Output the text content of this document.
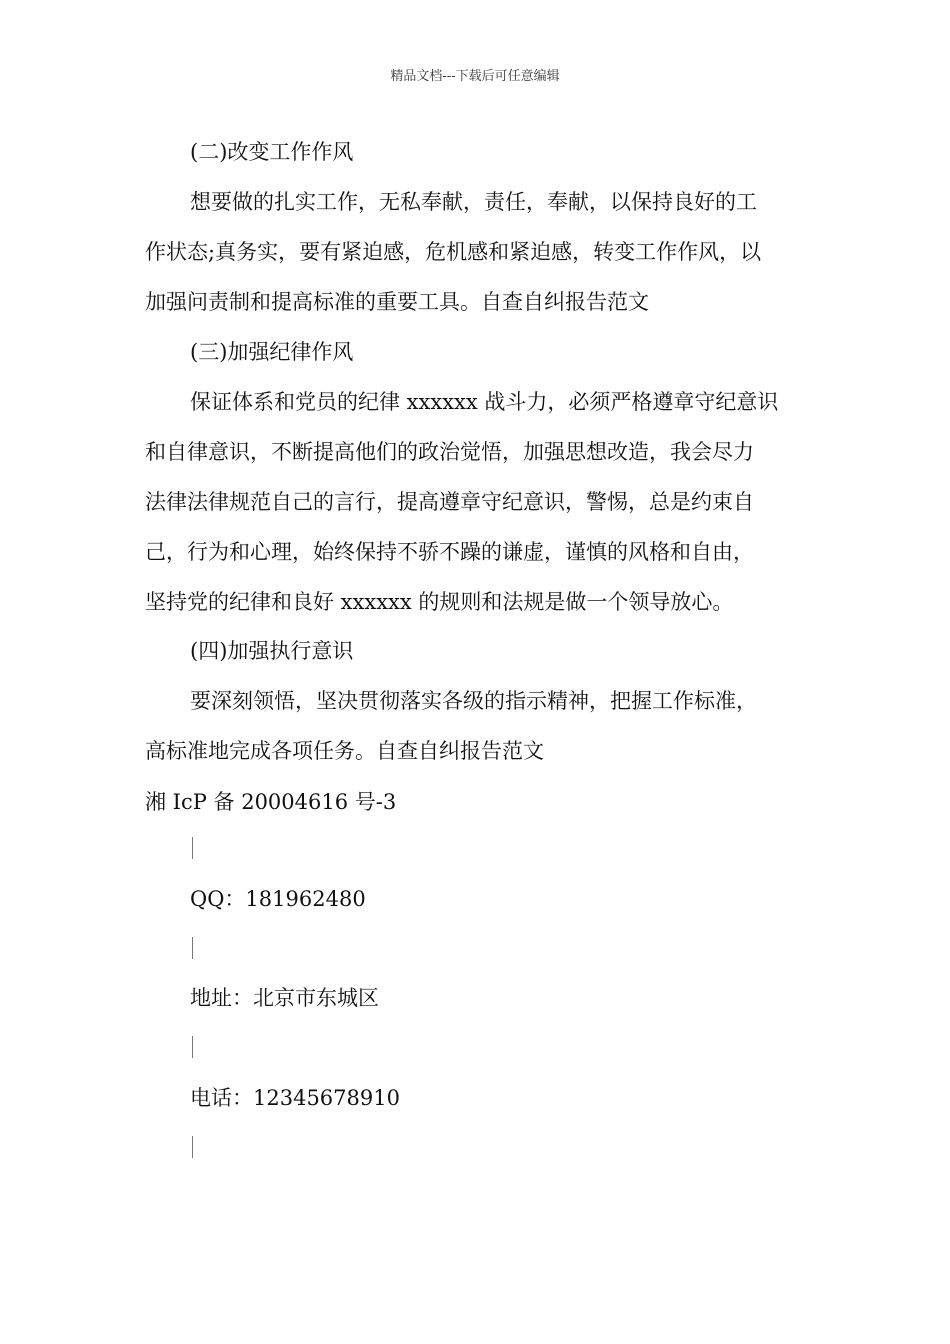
精品文档---下载后可任意编辑
(二)改变工作作风
想要做的扎实工作，无私奉献，责任，奉献，以保持良好的工
作状态;真务实，要有紧迫感，危机感和紧迫感，转变工作作风，以
加强问责制和提高标准的重要工具。自查自纠报告范文
(三)加强纪律作风
保证体系和党员的纪律 xxxxxx 战斗力，必须严格遵章守纪意识
和自律意识，不断提高他们的政治觉悟，加强思想改造，我会尽力
法律法律规范自己的言行，提高遵章守纪意识，警惕，总是约束自
己，行为和心理，始终保持不骄不躁的谦虚，谨慎的风格和自由，
坚持党的纪律和良好 xxxxxx 的规则和法规是做一个领导放心。
(四)加强执行意识
要深刻领悟，坚决贯彻落实各级的指示精神，把握工作标准，
高标准地完成各项任务。自查自纠报告范文
湘 IcP 备 20004616 号-3
QQ：181962480
地址：北京市东城区
电话：12345678910
